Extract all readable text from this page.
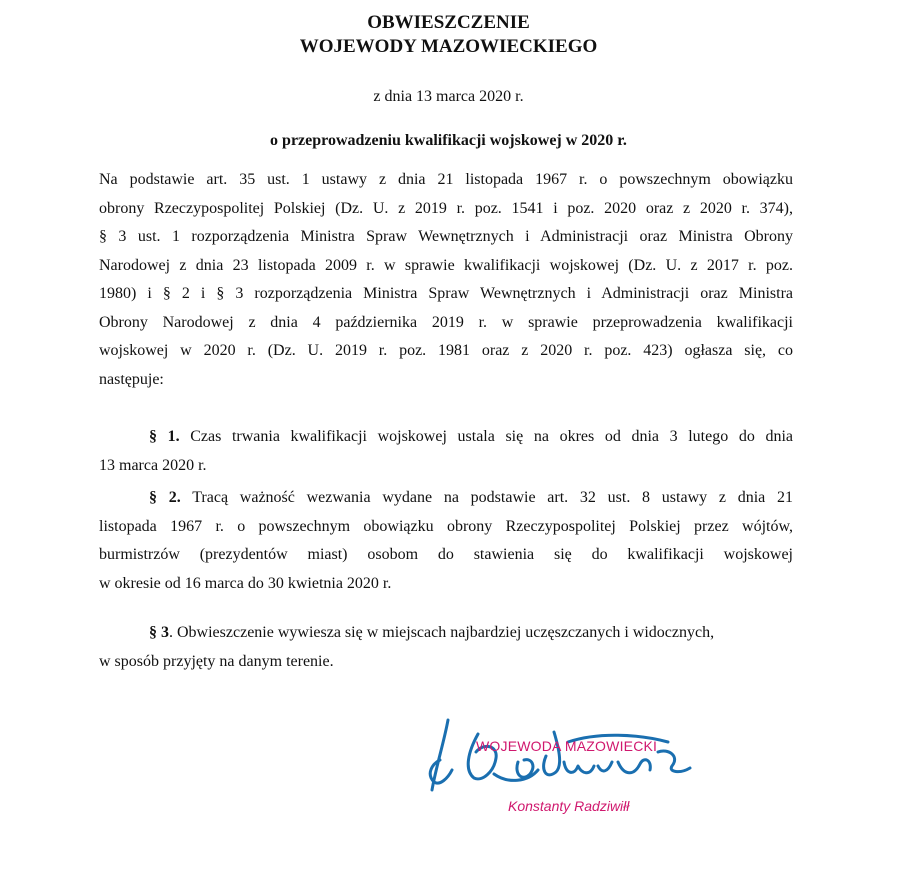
OBWIESZCZENIE
WOJEWODY MAZOWIECKIEGO
z dnia 13 marca 2020 r.
o przeprowadzeniu kwalifikacji wojskowej w 2020 r.
Na podstawie art. 35 ust. 1 ustawy z dnia 21 listopada 1967 r. o powszechnym obowiązku
obrony Rzeczypospolitej Polskiej (Dz. U. z 2019 r. poz. 1541 i poz. 2020 oraz z 2020 r. 374),
§ 3 ust. 1 rozporządzenia Ministra Spraw Wewnętrznych i Administracji oraz Ministra Obrony
Narodowej z dnia 23 listopada 2009 r. w sprawie kwalifikacji wojskowej (Dz. U. z 2017 r. poz.
1980) i § 2 i § 3 rozporządzenia Ministra Spraw Wewnętrznych i Administracji oraz Ministra
Obrony Narodowej z dnia 4 października 2019 r. w sprawie przeprowadzenia kwalifikacji
wojskowej w 2020 r. (Dz. U. 2019 r. poz. 1981 oraz z 2020 r. poz. 423) ogłasza się, co
następuje:
§ 1. Czas trwania kwalifikacji wojskowej ustala się na okres od dnia 3 lutego do dnia
13 marca 2020 r.
§ 2. Tracą ważność wezwania wydane na podstawie art. 32 ust. 8 ustawy z dnia 21
listopada 1967 r. o powszechnym obowiązku obrony Rzeczypospolitej Polskiej przez wójtów,
burmistrzów (prezydentów miast) osobom do stawienia się do kwalifikacji wojskowej
w okresie od 16 marca do 30 kwietnia 2020 r.
§ 3. Obwieszczenie wywiesza się w miejscach najbardziej uczęszczanych i widocznych,
w sposób przyjęty na danym terenie.
WOJEWODA MAZOWIECKI
Konstanty Radziwiłł
